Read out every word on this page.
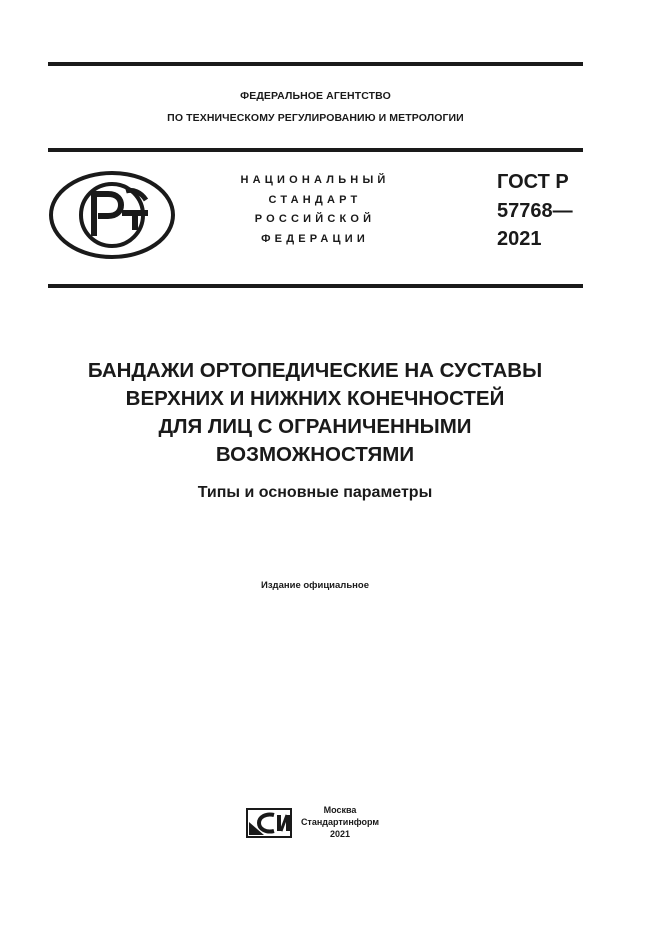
ФЕДЕРАЛЬНОЕ АГЕНТСТВО
ПО ТЕХНИЧЕСКОМУ РЕГУЛИРОВАНИЮ И МЕТРОЛОГИИ
НАЦИОНАЛЬНЫЙ
СТАНДАРТ
РОССИЙСКОЙ
ФЕДЕРАЦИИ
ГОСТ Р
57768—
2021
БАНДАЖИ ОРТОПЕДИЧЕСКИЕ НА СУСТАВЫ
ВЕРХНИХ И НИЖНИХ КОНЕЧНОСТЕЙ
ДЛЯ ЛИЦ С ОГРАНИЧЕННЫМИ
ВОЗМОЖНОСТЯМИ
Типы и основные параметры
Издание официальное
Москва
Стандартинформ
2021
